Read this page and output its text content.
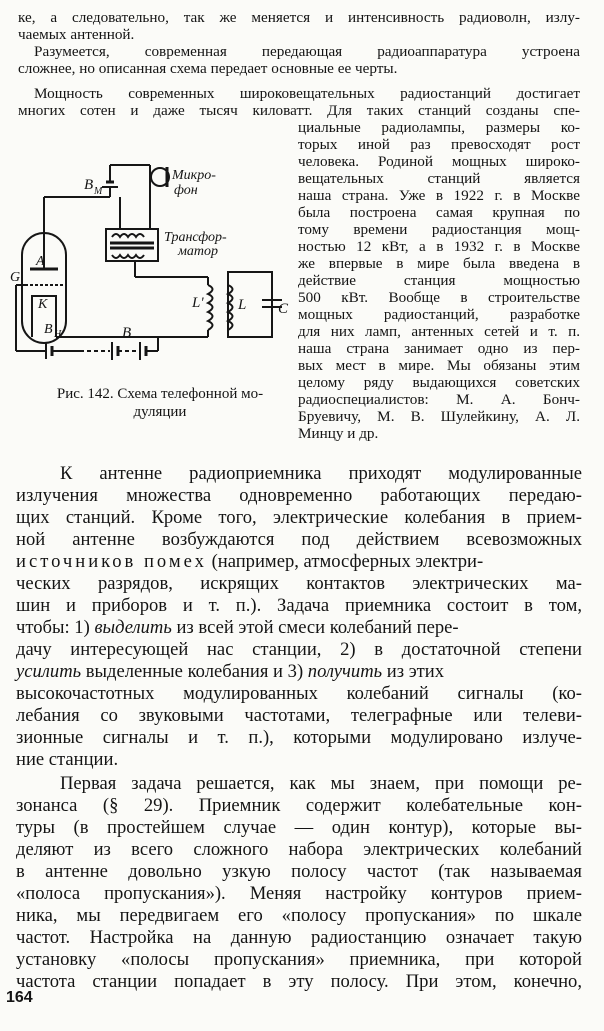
ке, а следовательно, так же меняется и интенсивность радиоволн, излу-
чаемых антенной.
Разумеется, современная передающая радиоаппаратура устроена
сложнее, но описанная схема передает основные ее черты.
Мощность современных широковещательных радиостанций достигает
многих сотен и даже тысяч киловатт. Для таких станций созданы спе-
циальные радиолампы, размеры ко-
торых иной раз превосходят рост
человека. Родиной мощных широко-
вещательных станций является
наша страна. Уже в 1922 г. в Москве
была построена самая крупная по
тому времени радиостанция мощ-
ностью 12 кВт, а в 1932 г. в Москве
же впервые в мире была введена в
действие станция мощностью
500 кВт. Вообще в строительстве
мощных радиостанций, разработке
для них ламп, антенных сетей и т. п.
наша страна занимает одно из пер-
вых мест в мире. Мы обязаны этим
целому ряду выдающихся советских
радиоспециалистов: М. А. Бонч-
Бруевичу, М. В. Шулейкину, А. Л.
Минцу и др.
B M
Микро-
фон
Трансфор-
матор
A
G
K	L' L C
B H	B
Рис. 142. Схема телефонной мо-
дуляции
К антенне радиоприемника приходят модулированные
излучения множества одновременно работающих передаю-
щих станций. Кроме того, электрические колебания в прием-
ной антенне возбуждаются под действием всевозможных
источников помех (например, атмосферных электри-
ческих разрядов, искрящих контактов электрических ма-
шин и приборов и т. п.). Задача приемника состоит в том,
чтобы: 1) выделить из всей этой смеси колебаний пере-
дачу интересующей нас станции, 2) в достаточной степени
усилить выделенные колебания и 3) получить из этих
высокочастотных модулированных колебаний сигналы (ко-
лебания со звуковыми частотами, телеграфные или телеви-
зионные сигналы и т. п.), которыми модулировано излуче-
ние станции.
Первая задача решается, как мы знаем, при помощи ре-
зонанса (§ 29). Приемник содержит колебательные кон-
туры (в простейшем случае — один контур), которые вы-
деляют из всего сложного набора электрических колебаний
в антенне довольно узкую полосу частот (так называемая
«полоса пропускания»). Меняя настройку контуров прием-
ника, мы передвигаем его «полосу пропускания» по шкале
частот. Настройка на данную радиостанцию означает такую
установку «полосы пропускания» приемника, при которой
частота станции попадает в эту полосу. При этом, конечно,
164
